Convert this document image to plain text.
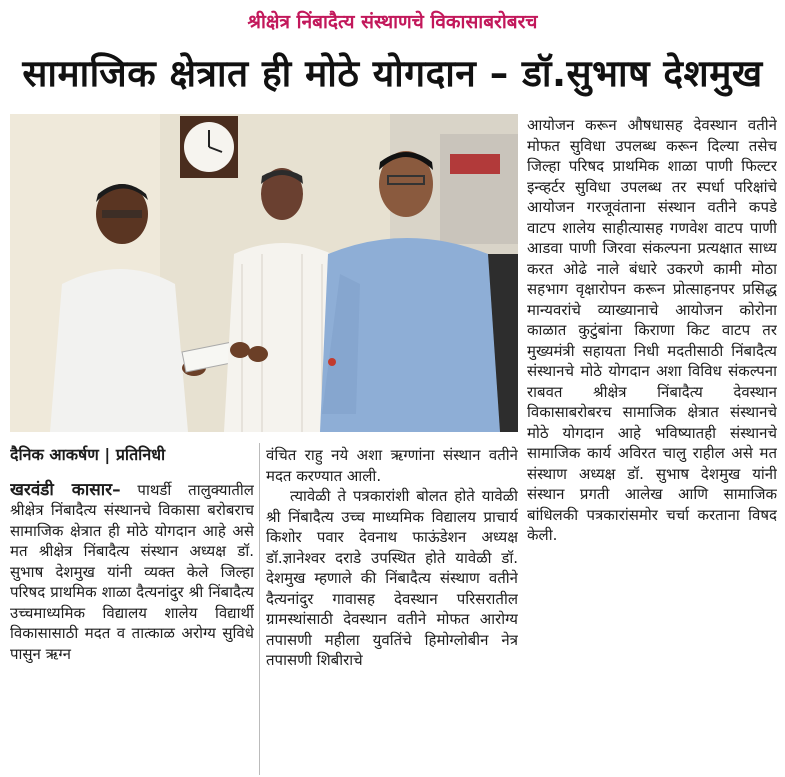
श्रीक्षेत्र निंबादैत्य संस्थाणचे विकासाबरोबरच
सामाजिक क्षेत्रात ही मोठे योगदान – डॉ.सुभाष देशमुख

दैनिक आकर्षण | प्रतिनिधी

खरवंडी कासार– पाथर्डी तालुक्यातील श्रीक्षेत्र निंबादैत्य संस्थानचे विकासा बरोबराच सामाजिक क्षेत्रात ही मोठे योगदान आहे असे मत श्रीक्षेत्र निंबादैत्य संस्थान अध्यक्ष डॉ. सुभाष देशमुख यांनी व्यक्त केले जिल्हा परिषद प्राथमिक शाळा दैत्यनांदुर श्री निंबादैत्य उच्चमाध्यमिक विद्यालय शालेय विद्यार्थी विकासासाठी मदत व तात्काळ अरोग्य सुविधे पासुन ऋग्न

वंचित राहु नये अशा ऋग्णांना संस्थान वतीने मदत करण्यात आली.

त्यावेळी ते पत्रकारांशी बोलत होते यावेळी श्री निंबादैत्य उच्च माध्यमिक विद्यालय प्राचार्य किशोर पवार देवनाथ फाऊंडेशन अध्यक्ष डॉ.ज्ञानेश्वर दराडे उपस्थित होते यावेळी डॉ. देशमुख म्हणाले की निंबादैत्य संस्थाण वतीने दैत्यनांदुर गावासह देवस्थान परिसरातील ग्रामस्थांसाठी देवस्थान वतीने मोफत आरोग्य तपासणी महीला युवतिंचे हिमोग्लोबीन नेत्र तपासणी शिबीराचे

आयोजन करून औषधासह देवस्थान वतीने मोफत सुविधा उपलब्ध करून दिल्या तसेच जिल्हा परिषद प्राथमिक शाळा पाणी फिल्टर इन्व्हर्टर सुविधा उपलब्ध तर स्पर्धा परिक्षांचे आयोजन गरजूवंताना संस्थान वतीने कपडे वाटप शालेय साहीत्यासह गणवेश वाटप पाणी आडवा पाणी जिरवा संकल्पना प्रत्यक्षात साध्य करत ओढे नाले बंधारे उकरणे कामी मोठा सहभाग वृक्षारोपन करून प्रोत्साहनपर प्रसिद्ध मान्यवरांचे व्याख्यानाचे आयोजन कोरोना काळात कुटुंबांना किराणा किट वाटप तर मुख्यमंत्री सहायता निधी मदतीसाठी निंबादैत्य संस्थानचे मोठे योगदान अशा विविध संकल्पना राबवत श्रीक्षेत्र निंबादैत्य देवस्थान विकासाबरोबरच सामाजिक क्षेत्रात संस्थानचे मोठे योगदान आहे भविष्यातही संस्थानचे सामाजिक कार्य अविरत चालु राहील असे मत संस्थाण अध्यक्ष डॉ. सुभाष देशमुख यांनी संस्थान प्रगती आलेख आणि सामाजिक बांधिलकी पत्रकारांसमोर चर्चा करताना विषद केली.
